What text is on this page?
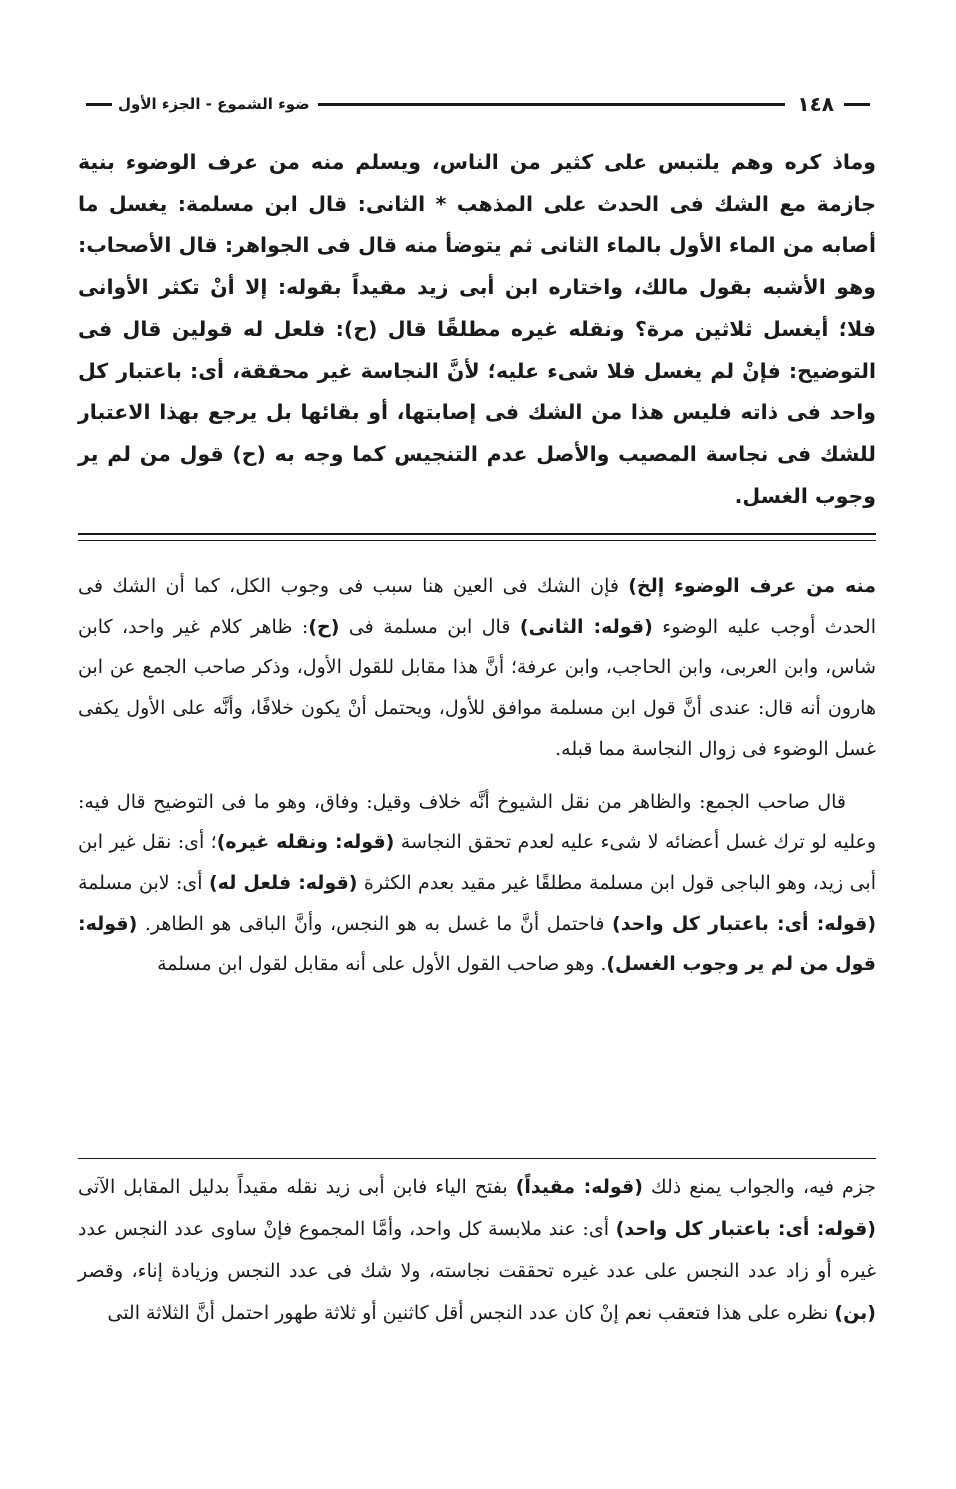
١٤٨
ضوء الشموع - الجزء الأول

وماذ كره وهم يلتبس على كثير من الناس، ويسلم منه من عرف الوضوء بنية جازمة مع الشك فى الحدث على المذهب * الثانى: قال ابن مسلمة: يغسل ما أصابه من الماء الأول بالماء الثانى ثم يتوضأ منه قال فى الجواهر: قال الأصحاب: وهو الأشبه بقول مالك، واختاره ابن أبى زيد مقيداً بقوله: إلا أنْ تكثر الأوانى فلا؛ أيغسل ثلاثين مرة؟ ونقله غيره مطلقًا قال (ح): فلعل له قولين قال فى التوضيح: فإنْ لم يغسل فلا شىء عليه؛ لأنَّ النجاسة غير محققة، أى: باعتبار كل واحد فى ذاته فليس هذا من الشك فى إصابتها، أو بقائها بل يرجع بهذا الاعتبار للشك فى نجاسة المصيب والأصل عدم التنجيس كما وجه به (ح) قول من لم ير وجوب الغسل.

منه من عرف الوضوء إلخ) فإن الشك فى العين هنا سبب فى وجوب الكل، كما أن الشك فى الحدث أوجب عليه الوضوء (قوله: الثانى) قال ابن مسلمة فى (ح): ظاهر كلام غير واحد، كابن شاس، وابن العربى، وابن الحاجب، وابن عرفة؛ أنَّ هذا مقابل للقول الأول، وذكر صاحب الجمع عن ابن هارون أنه قال: عندى أنَّ قول ابن مسلمة موافق للأول، ويحتمل أنْ يكون خلافًا، وأنَّه على الأول يكفى غسل الوضوء فى زوال النجاسة مما قبله.

قال صاحب الجمع: والظاهر من نقل الشيوخ أنَّه خلاف وقيل: وفاق، وهو ما فى التوضيح قال فيه: وعليه لو ترك غسل أعضائه لا شىء عليه لعدم تحقق النجاسة (قوله: ونقله غيره)؛ أى: نقل غير ابن أبى زيد، وهو الباجى قول ابن مسلمة مطلقًا غير مقيد بعدم الكثرة (قوله: فلعل له) أى: لابن مسلمة (قوله: أى: باعتبار كل واحد) فاحتمل أنَّ ما غسل به هو النجس، وأنَّ الباقى هو الطاهر. (قوله: قول من لم ير وجوب الغسل). وهو صاحب القول الأول على أنه مقابل لقول ابن مسلمة

جزم فيه، والجواب يمنع ذلك (قوله: مقيداً) بفتح الياء فابن أبى زيد نقله مقيداً بدليل المقابل الآتى (قوله: أى: باعتبار كل واحد) أى: عند ملابسة كل واحد، وأمَّا المجموع فإنْ ساوى عدد النجس عدد غيره أو زاد عدد النجس على عدد غيره تحققت نجاسته، ولا شك فى عدد النجس وزيادة إناء، وقصر (بن) نظره على هذا فتعقب نعم إنْ كان عدد النجس أقل كاثنين أو ثلاثة طهور احتمل أنَّ الثلاثة التى
